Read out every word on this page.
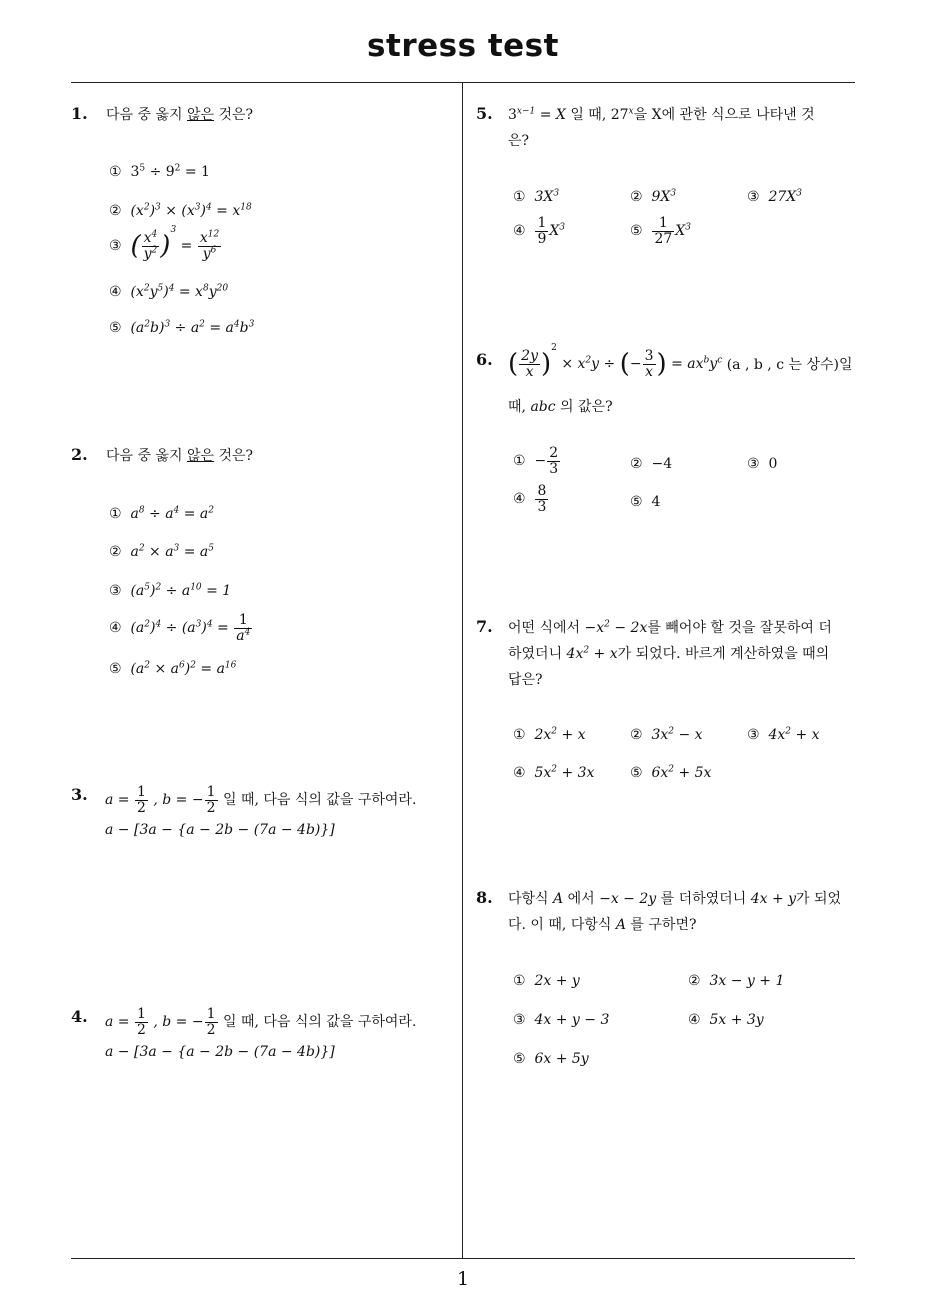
stress test
1
1. 다음 중 옳지 않은 것은?
① $3^5 \div 9^2 = 1$
② $(x^2)^3 \times (x^3)^4 = x^{18}$
③ ( $\frac{x^4}{y^2} )^3 = \frac{x^{12}}{y^6}$
④ $(x^2y^5)^4 = x^8y^{20}$
⑤ $(a^2b)^3 \div a^2 = a^4b^3$
2. 다음 중 옳지 않은 것은?
① $a^8 \div a^4 = a^2$
② $a^2 \times a^3 = a^5$
③ $(a^5)^2 \div a^{10} = 1$
④ $(a^2)^4 \div (a^3)^4 = \frac{1}{a^4}$
⑤ $(a^2 \times a^6)^2 = a^{16}$
3. $a = \frac{1}{2}$ , b = − $\frac{1}{2}$ 일 때, 다음 식의 값을 구하여라.
a − [3a − {a − 2b − (7a − 4b)}]
4. $a = \frac{1}{2}$ , b = − $\frac{1}{2}$ 일 때, 다음 식의 값을 구하여라.
a − [3a − {a − 2b − (7a − 4b)}]
5. $3^{x-1} = X$ 일 때, 27$^x$을 X에 관한 식으로 나타낸 것
은?
① $3X^3$	② $9X^3$	③ $27X^3$
④ $\frac{1}{9} X^3$	⑤ $\frac{1}{27} X^3$
6. ( $\frac{2y}{x} )^2 \times x^2y$ ÷ (− $\frac{3}{x}$ ) = $ax^by^c$ (a , b , c 는 상수)일
때, abc 의 값은?
① − $\frac{2}{3}$	② −4	③ 0
④ $\frac{8}{3}$	⑤ 4
7. 어떤 식에서 $-x^2 - 2x$를 빼어야 할 것을 잘못하여 더
하였더니 $4x^2 + x$가 되었다. 바르게 계산하였을 때의
답은?
① $2x^2 + x$	② $3x^2 - x$	③ $4x^2 + x$
④ $5x^2 + 3x$	⑤ $6x^2 + 5x$
8. 다항식 A 에서 −x − 2y 를 더하였더니 4x + y가 되었
다. 이 때, 다항식 A 를 구하면?
① 2x + y	② 3x − y + 1
③ 4x + y − 3	④ 5x + 3y
⑤ 6x + 5y
